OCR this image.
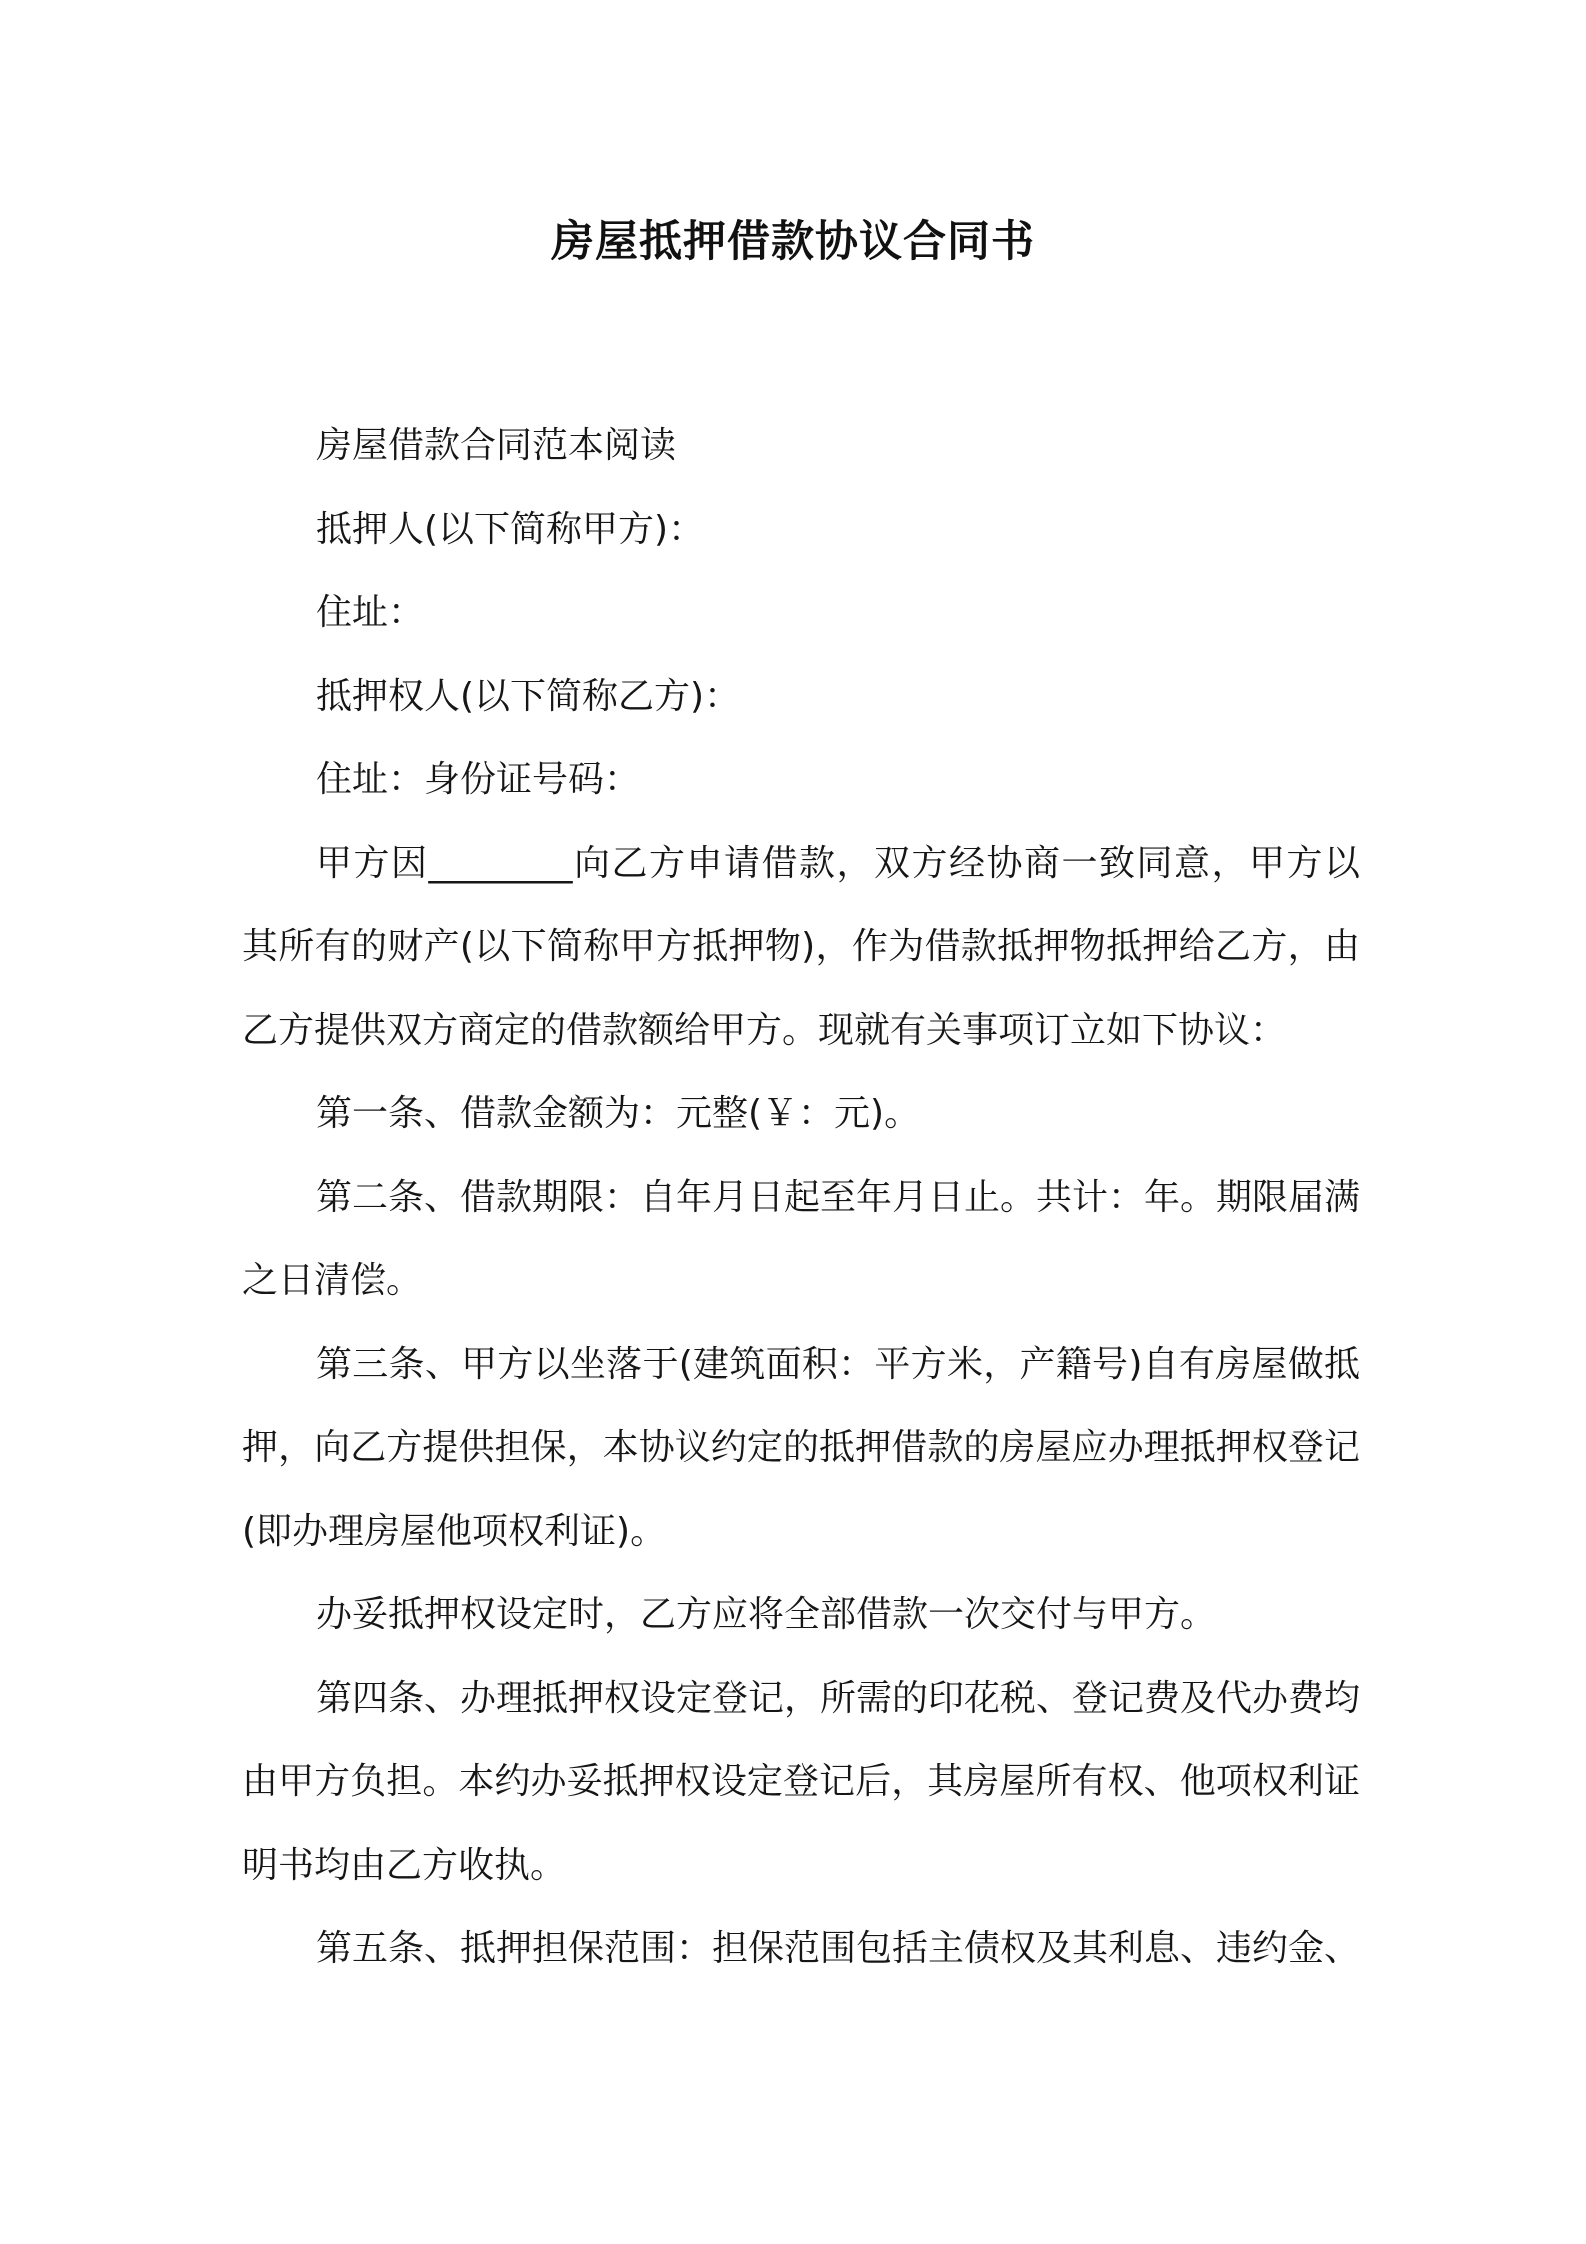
房屋抵押借款协议合同书

房屋借款合同范本阅读

抵押人(以下简称甲方)：

住址：

抵押权人(以下简称乙方)：

住址：身份证号码：

甲方因________向乙方申请借款，双方经协商一致同意，甲方以其所有的财产(以下简称甲方抵押物)，作为借款抵押物抵押给乙方，由乙方提供双方商定的借款额给甲方。现就有关事项订立如下协议：

第一条、借款金额为：元整(￥：元)。

第二条、借款期限：自年月日起至年月日止。共计：年。期限届满之日清偿。

第三条、甲方以坐落于(建筑面积：平方米，产籍号)自有房屋做抵押，向乙方提供担保，本协议约定的抵押借款的房屋应办理抵押权登记(即办理房屋他项权利证)。

办妥抵押权设定时，乙方应将全部借款一次交付与甲方。

第四条、办理抵押权设定登记，所需的印花税、登记费及代办费均由甲方负担。本约办妥抵押权设定登记后，其房屋所有权、他项权利证明书均由乙方收执。

第五条、抵押担保范围：担保范围包括主债权及其利息、违约金、
